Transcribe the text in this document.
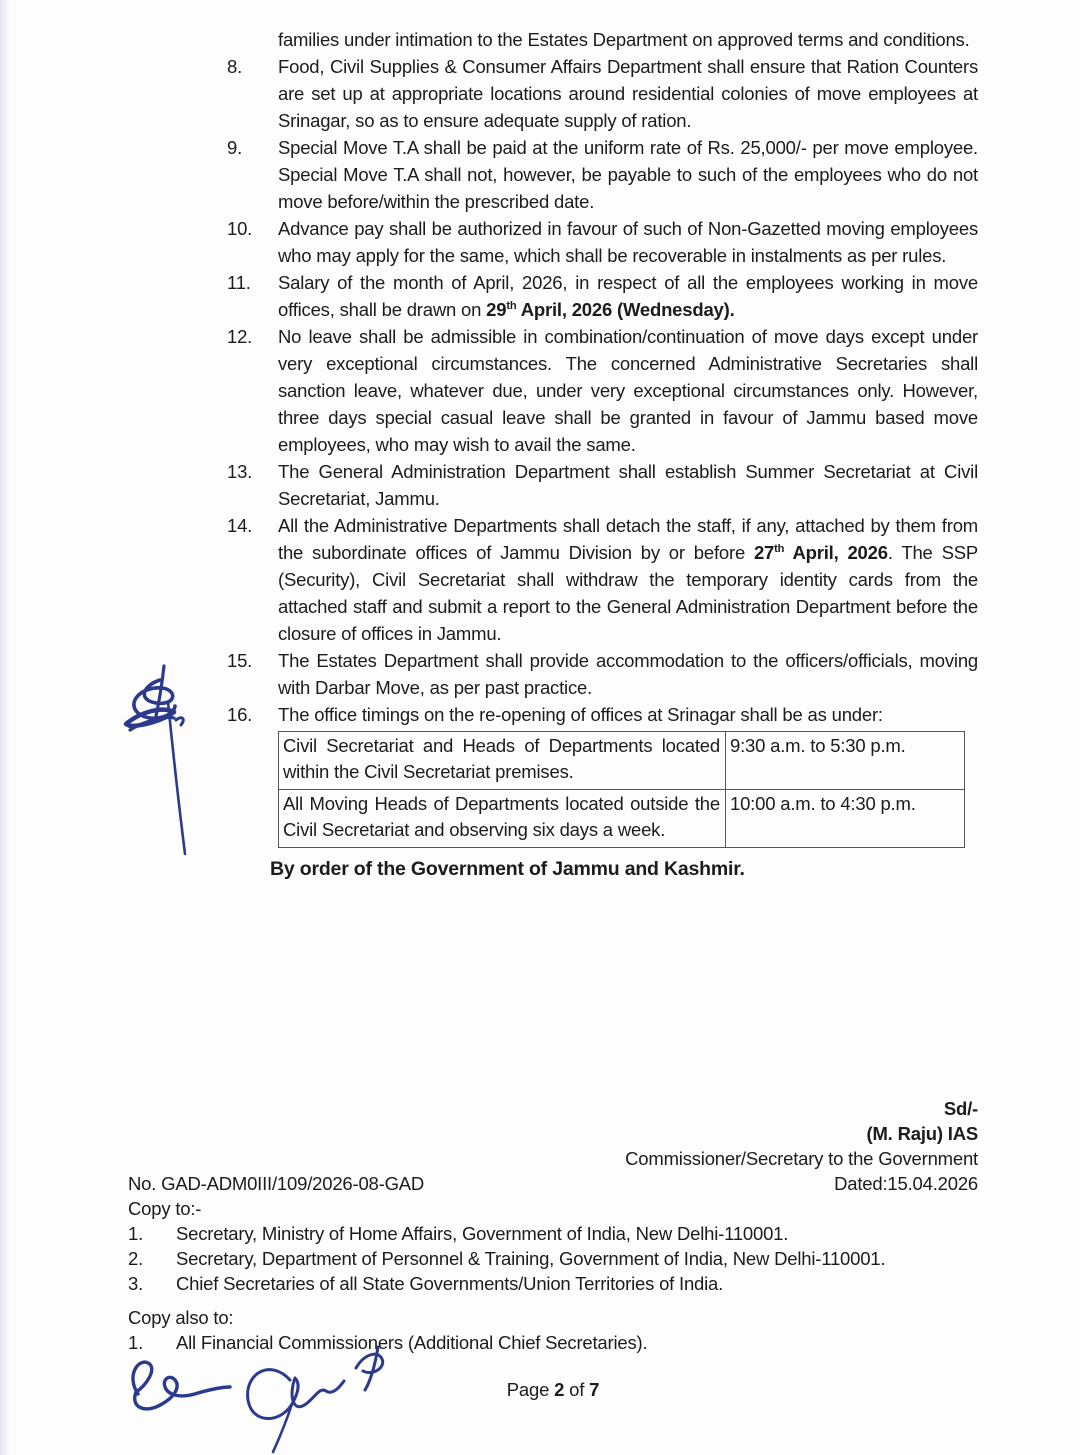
families under intimation to the Estates Department on approved terms and conditions.
8.	Food, Civil Supplies & Consumer Affairs Department shall ensure that Ration Counters are set up at appropriate locations around residential colonies of move employees at Srinagar, so as to ensure adequate supply of ration.
9.	Special Move T.A shall be paid at the uniform rate of Rs. 25,000/- per move employee. Special Move T.A shall not, however, be payable to such of the employees who do not move before/within the prescribed date.
10.	Advance pay shall be authorized in favour of such of Non-Gazetted moving employees who may apply for the same, which shall be recoverable in instalments as per rules.
11.	Salary of the month of April, 2026, in respect of all the employees working in move offices, shall be drawn on 29th April, 2026 (Wednesday).
12.	No leave shall be admissible in combination/continuation of move days except under very exceptional circumstances. The concerned Administrative Secretaries shall sanction leave, whatever due, under very exceptional circumstances only. However, three days special casual leave shall be granted in favour of Jammu based move employees, who may wish to avail the same.
13.	The General Administration Department shall establish Summer Secretariat at Civil Secretariat, Jammu.
14.	All the Administrative Departments shall detach the staff, if any, attached by them from the subordinate offices of Jammu Division by or before 27th April, 2026. The SSP (Security), Civil Secretariat shall withdraw the temporary identity cards from the attached staff and submit a report to the General Administration Department before the closure of offices in Jammu.
15.	The Estates Department shall provide accommodation to the officers/officials, moving with Darbar Move, as per past practice.
16.	The office timings on the re-opening of offices at Srinagar shall be as under:
Civil Secretariat and Heads of Departments located within the Civil Secretariat premises.	9:30 a.m. to 5:30 p.m.
All Moving Heads of Departments located outside the Civil Secretariat and observing six days a week.	10:00 a.m. to 4:30 p.m.
By order of the Government of Jammu and Kashmir.
Sd/-
(M. Raju) IAS
Commissioner/Secretary to the Government
No. GAD-ADM0III/109/2026-08-GAD	Dated:15.04.2026
Copy to:-
1.	Secretary, Ministry of Home Affairs, Government of India, New Delhi-110001.
2.	Secretary, Department of Personnel & Training, Government of India, New Delhi-110001.
3.	Chief Secretaries of all State Governments/Union Territories of India.
Copy also to:
1.	All Financial Commissioners (Additional Chief Secretaries).
Page 2 of 7
